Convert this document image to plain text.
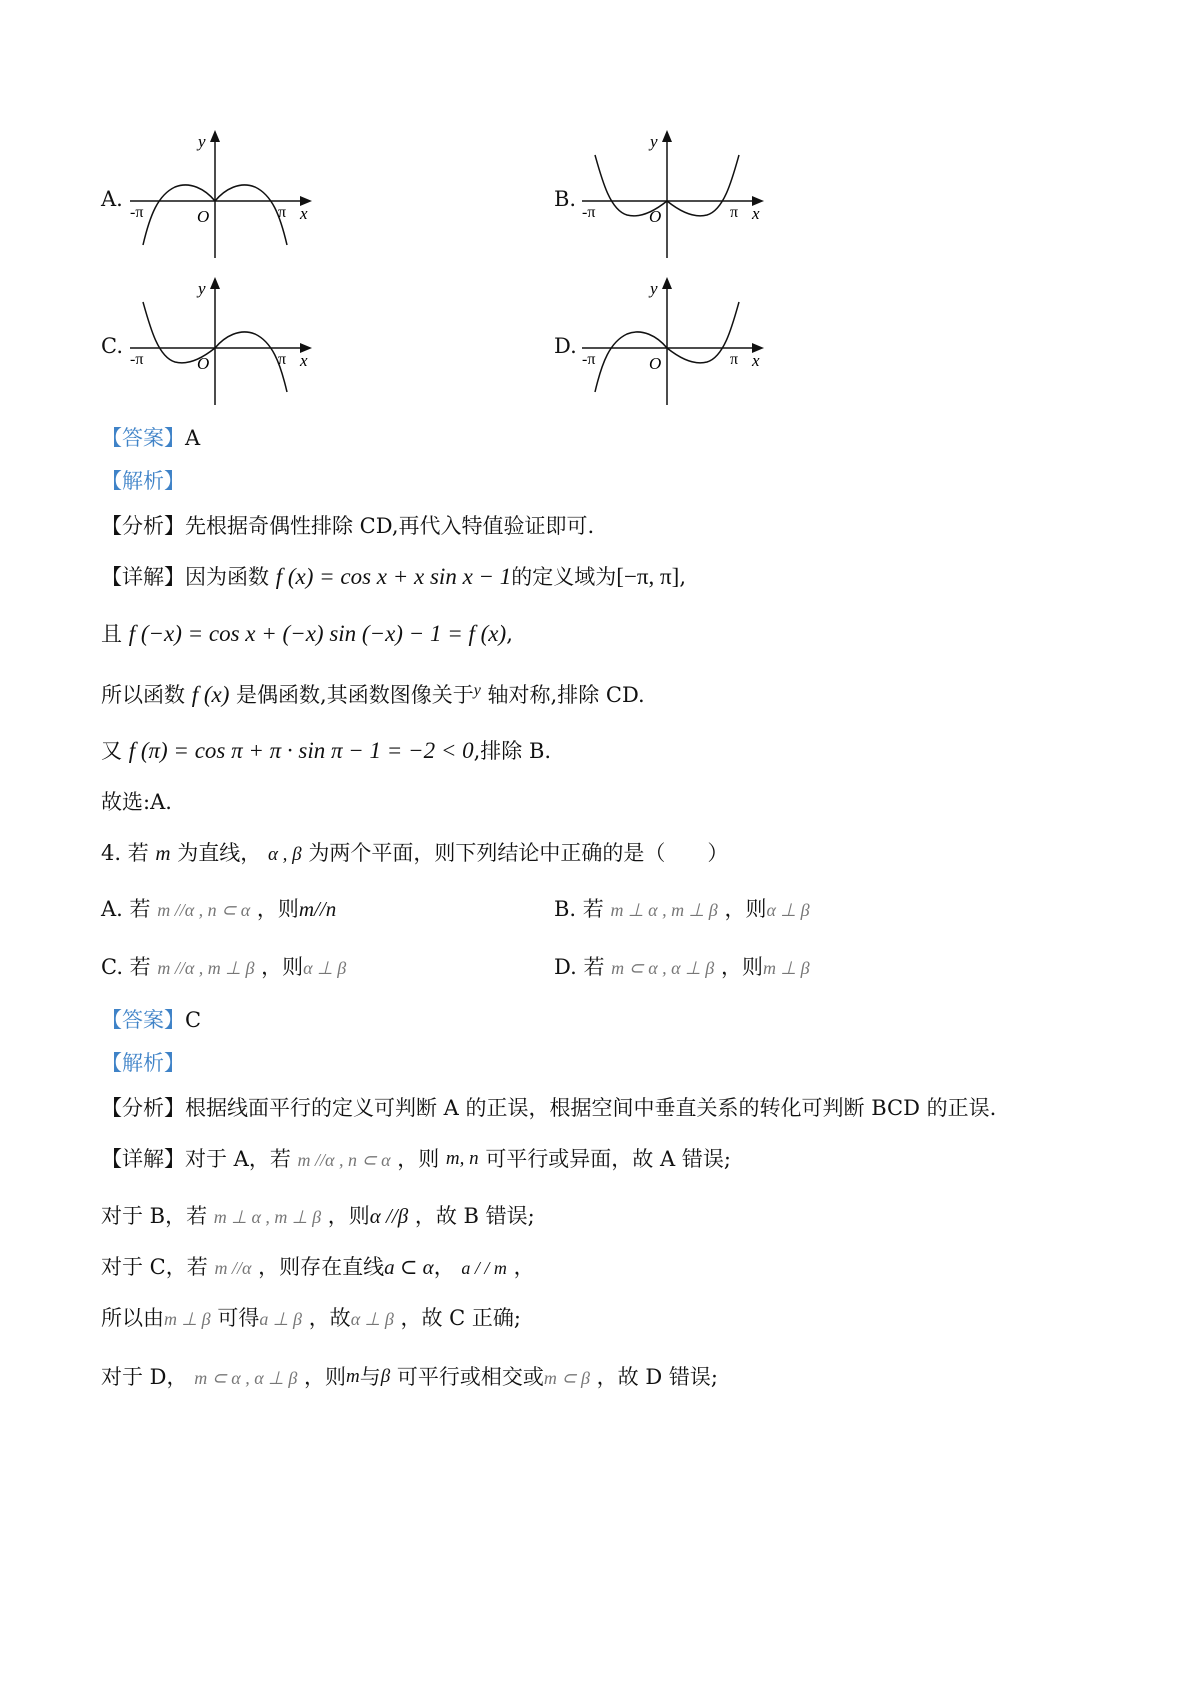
A.
y
x
O
-π	π
B.
y
x
O
-π	π
C.
y
x
O
-π	π
D.
y
x
O
-π	π
【答案】A
【解析】
【分析】先根据奇偶性排除 CD,再代入特值验证即可.
【详解】因为函数 f (x) = cos x + x sin x − 1的定义域为[−π, π],
且 f (−x) = cos x + (−x) sin (−x) − 1 = f (x),
所以函数 f (x) 是偶函数,其函数图像关于$^y$ 轴对称,排除 CD.
又 f (π) = cos π + π · sin π − 1 = −2 < 0,排除 B.
故选:A.
4. 若 m 为直线， α , β 为两个平面，则下列结论中正确的是（　　）
A. 若 m //α , n ⊂ α ，则m//n	B. 若 m ⊥ α , m ⊥ β ，则α ⊥ β
C. 若 m //α , m ⊥ β ，则α ⊥ β	D. 若 m ⊂ α , α ⊥ β ，则m ⊥ β
【答案】C
【解析】
【分析】根据线面平行的定义可判断 A 的正误，根据空间中垂直关系的转化可判断 BCD 的正误.
【详解】对于 A，若 m //α , n ⊂ α ，则 m, n 可平行或异面，故 A 错误;
对于 B，若 m ⊥ α , m ⊥ β ，则α //β ，故 B 错误;
对于 C，若 m //α ，则存在直线a ⊂ α， a / / m ，
所以由m ⊥ β 可得a ⊥ β ，故α ⊥ β ，故 C 正确;
对于 D， m ⊂ α , α ⊥ β ，则m与β 可平行或相交或m ⊂ β ，故 D 错误;
